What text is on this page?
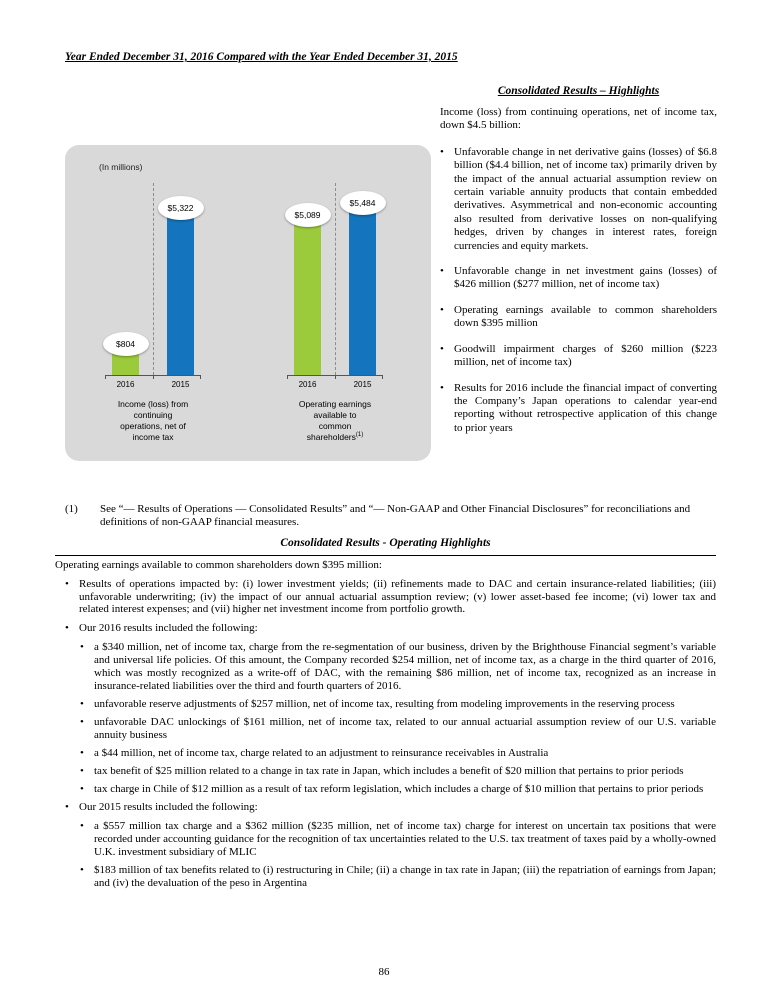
Year Ended December 31, 2016 Compared with the Year Ended December 31, 2015
(In millions)
$804
2016
$5,322
2015
Income (loss) from
continuing
operations, net of
income tax
$5,089
2016
$5,484
2015
Operating earnings
available to
common
shareholders$^{(1)}$
Consolidated Results – Highlights

Income (loss) from continuing operations, net of income tax, down $4.5 billion:

• Unfavorable change in net derivative gains (losses) of $6.8 billion ($4.4 billion, net of income tax) primarily driven by the impact of the annual actuarial assumption review on certain variable annuity products that contain embedded derivatives. Asymmetrical and non-economic accounting also resulted from derivative losses on non-qualifying hedges, driven by changes in interest rates, foreign currencies and equity markets.
• Unfavorable change in net investment gains (losses) of $426 million ($277 million, net of income tax)
• Operating earnings available to common shareholders down $395 million
• Goodwill impairment charges of $260 million ($223 million, net of income tax)
• Results for 2016 include the financial impact of converting the Company’s Japan operations to calendar year-end reporting without retrospective application of this change to prior years
(1) See “— Results of Operations — Consolidated Results” and “— Non-GAAP and Other Financial Disclosures” for reconciliations and definitions of non-GAAP financial measures.
Consolidated Results - Operating Highlights

Operating earnings available to common shareholders down $395 million:

• Results of operations impacted by: (i) lower investment yields; (ii) refinements made to DAC and certain insurance-related liabilities; (iii) unfavorable underwriting; (iv) the impact of our annual actuarial assumption review; (v) lower asset-based fee income; (vi) lower tax and related interest expenses; and (vii) higher net investment income from portfolio growth.
• Our 2016 results included the following:
• a $340 million, net of income tax, charge from the re-segmentation of our business, driven by the Brighthouse Financial segment’s variable and universal life policies. Of this amount, the Company recorded $254 million, net of income tax, as a charge in the third quarter of 2016, which was mostly recognized as a write-off of DAC, with the remaining $86 million, net of income tax, recognized as an increase in insurance-related liabilities over the third and fourth quarters of 2016.
• unfavorable reserve adjustments of $257 million, net of income tax, resulting from modeling improvements in the reserving process
• unfavorable DAC unlockings of $161 million, net of income tax, related to our annual actuarial assumption review of our U.S. variable annuity business
• a $44 million, net of income tax, charge related to an adjustment to reinsurance receivables in Australia
• tax benefit of $25 million related to a change in tax rate in Japan, which includes a benefit of $20 million that pertains to prior periods
• tax charge in Chile of $12 million as a result of tax reform legislation, which includes a charge of $10 million that pertains to prior periods
• Our 2015 results included the following:
• a $557 million tax charge and a $362 million ($235 million, net of income tax) charge for interest on uncertain tax positions that were recorded under accounting guidance for the recognition of tax uncertainties related to the U.S. tax treatment of taxes paid by a wholly-owned U.K. investment subsidiary of MLIC
• $183 million of tax benefits related to (i) restructuring in Chile; (ii) a change in tax rate in Japan; (iii) the repatriation of earnings from Japan; and (iv) the devaluation of the peso in Argentina
86
